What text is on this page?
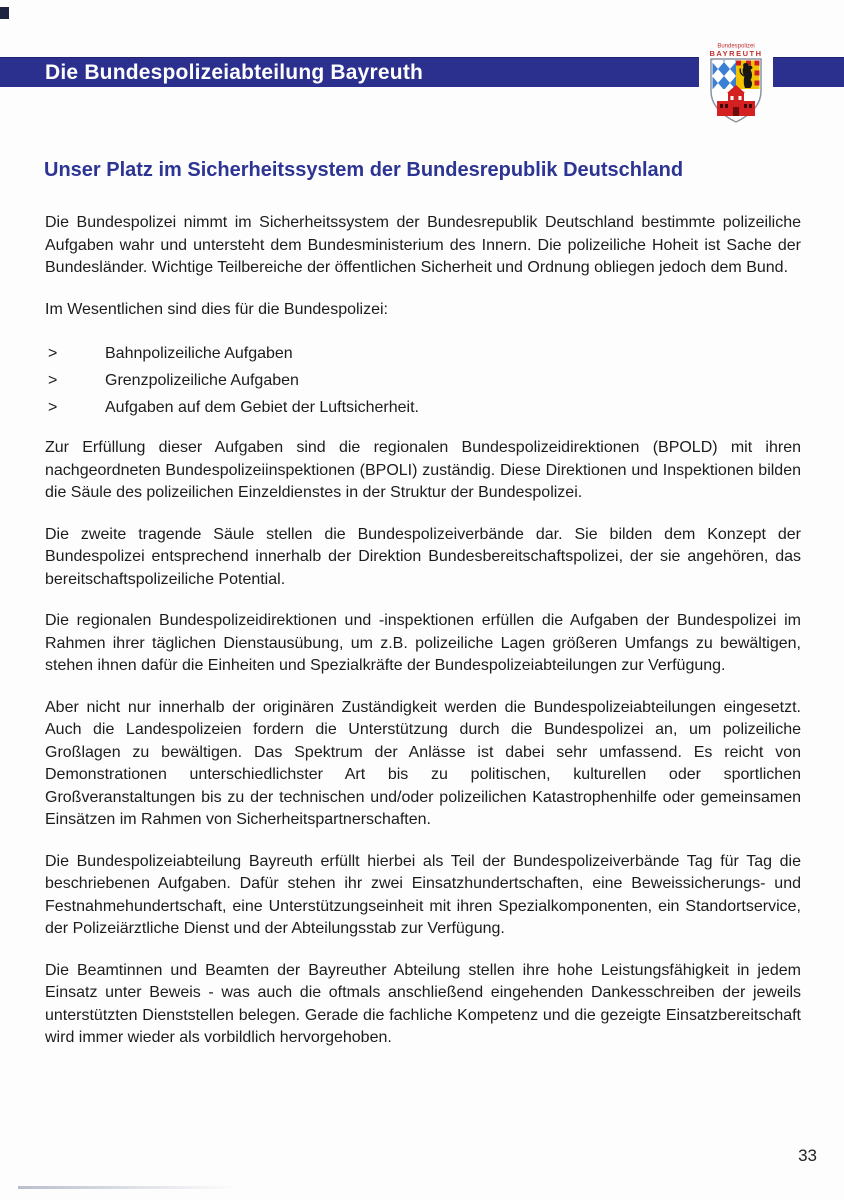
Die Bundespolizeiabteilung Bayreuth
Bundespolizei
BAYREUTH
Unser Platz im Sicherheitssystem der Bundesrepublik Deutschland

Die Bundespolizei nimmt im Sicherheitssystem der Bundesrepublik Deutschland bestimmte polizeiliche Aufgaben wahr und untersteht dem Bundesministerium des Innern. Die polizeiliche Hoheit ist Sache der Bundesländer. Wichtige Teilbereiche der öffentlichen Sicherheit und Ordnung obliegen jedoch dem Bund.

Im Wesentlichen sind dies für die Bundespolizei:

>	Bahnpolizeiliche Aufgaben
>	Grenzpolizeiliche Aufgaben
>	Aufgaben auf dem Gebiet der Luftsicherheit.

Zur Erfüllung dieser Aufgaben sind die regionalen Bundespolizeidirektionen (BPOLD) mit ihren nachgeordneten Bundespolizeiinspektionen (BPOLI) zuständig. Diese Direktionen und Inspektionen bilden die Säule des polizeilichen Einzeldienstes in der Struktur der Bundespolizei.

Die zweite tragende Säule stellen die Bundespolizeiverbände dar. Sie bilden dem Konzept der Bundespolizei entsprechend innerhalb der Direktion Bundesbereitschaftspolizei, der sie angehören, das bereitschaftspolizeiliche Potential.

Die regionalen Bundespolizeidirektionen und -inspektionen erfüllen die Aufgaben der Bundespolizei im Rahmen ihrer täglichen Dienstausübung, um z.B. polizeiliche Lagen größeren Umfangs zu bewältigen, stehen ihnen dafür die Einheiten und Spezialkräfte der Bundespolizeiabteilungen zur Verfügung.

Aber nicht nur innerhalb der originären Zuständigkeit werden die Bundespolizeiabteilungen eingesetzt. Auch die Landespolizeien fordern die Unterstützung durch die Bundespolizei an, um polizeiliche Großlagen zu bewältigen. Das Spektrum der Anlässe ist dabei sehr umfassend. Es reicht von Demonstrationen unterschiedlichster Art bis zu politischen, kulturellen oder sportlichen Großveranstaltungen bis zu der technischen und/oder polizeilichen Katastrophenhilfe oder gemeinsamen Einsätzen im Rahmen von Sicherheitspartnerschaften.

Die Bundespolizeiabteilung Bayreuth erfüllt hierbei als Teil der Bundespolizeiverbände Tag für Tag die beschriebenen Aufgaben. Dafür stehen ihr zwei Einsatzhundertschaften, eine Beweissicherungs- und Festnahmehundertschaft, eine Unterstützungseinheit mit ihren Spezialkomponenten, ein Standortservice, der Polizeiärztliche Dienst und der Abteilungsstab zur Verfügung.

Die Beamtinnen und Beamten der Bayreuther Abteilung stellen ihre hohe Leistungsfähigkeit in jedem Einsatz unter Beweis - was auch die oftmals anschließend eingehenden Dankesschreiben der jeweils unterstützten Dienststellen belegen. Gerade die fachliche Kompetenz und die gezeigte Einsatzbereitschaft wird immer wieder als vorbildlich hervorgehoben.

33
